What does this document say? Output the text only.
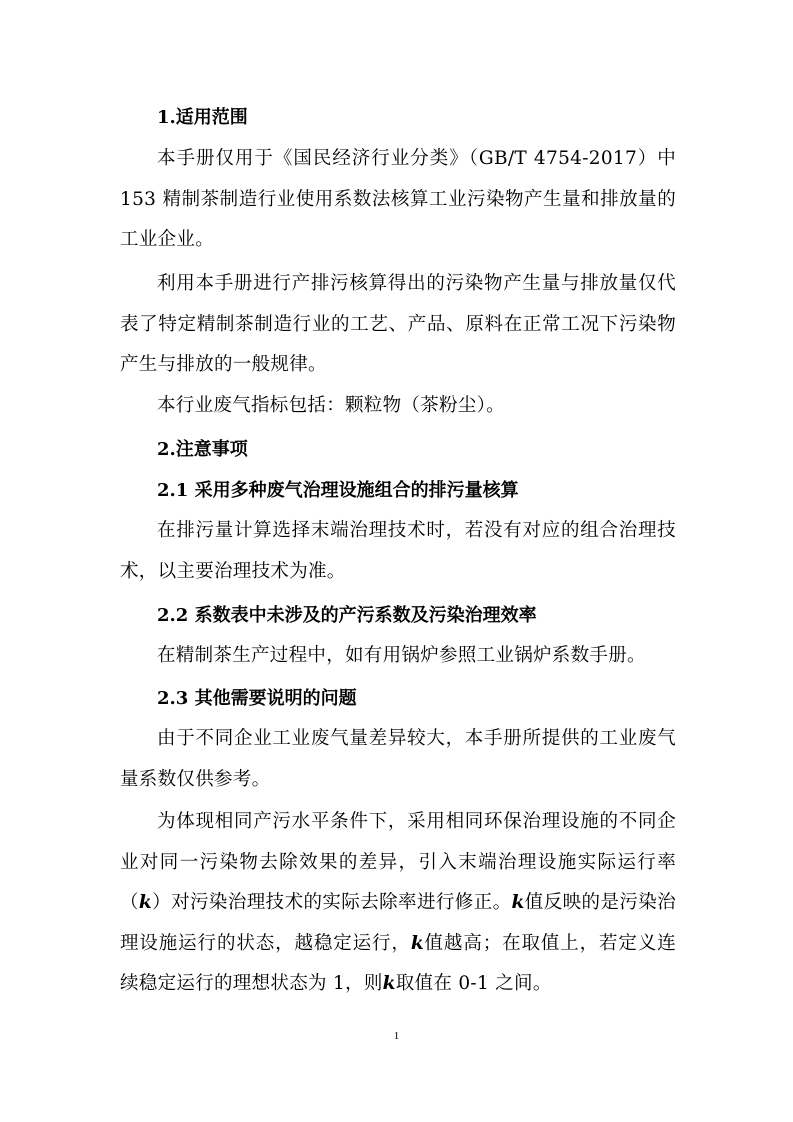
1.适用范围
本手册仅用于《国民经济行业分类》（GB/T 4754-2017）中 153 精制茶制造行业使用系数法核算工业污染物产生量和排放量的工业企业。
利用本手册进行产排污核算得出的污染物产生量与排放量仅代表了特定精制茶制造行业的工艺、产品、原料在正常工况下污染物产生与排放的一般规律。
本行业废气指标包括：颗粒物（茶粉尘）。
2.注意事项
2.1 采用多种废气治理设施组合的排污量核算
在排污量计算选择末端治理技术时，若没有对应的组合治理技术，以主要治理技术为准。
2.2 系数表中未涉及的产污系数及污染治理效率
在精制茶生产过程中，如有用锅炉参照工业锅炉系数手册。
2.3 其他需要说明的问题
由于不同企业工业废气量差异较大，本手册所提供的工业废气量系数仅供参考。
为体现相同产污水平条件下，采用相同环保治理设施的不同企业对同一污染物去除效果的差异，引入末端治理设施实际运行率（k）对污染治理技术的实际去除率进行修正。k值反映的是污染治理设施运行的状态，越稳定运行，k值越高；在取值上，若定义连续稳定运行的理想状态为 1，则k取值在 0-1 之间。
1
